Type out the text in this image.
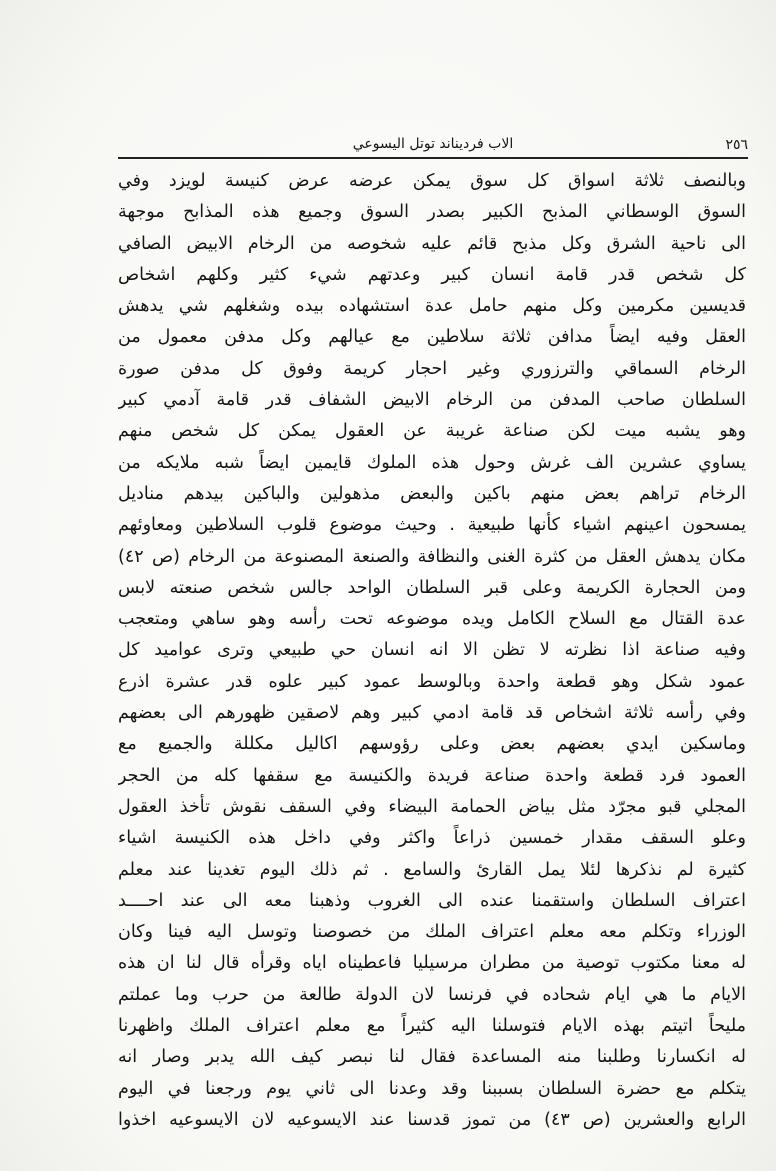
الاب فرديناند توتل اليسوعي	٢٥٦
وبالنصف ثلاثة اسواق كل سوق يمكن عرضه عرض كنيسة لويزد وفي
السوق الوسطاني المذبح الكبير بصدر السوق وجميع هذه المذابح موجهة
الى ناحية الشرق وكل مذبح قائم عليه شخوصه من الرخام الابيض الصافي
كل شخص قدر قامة انسان كبير وعدتهم شيء كثير وكلهم اشخاص
قديسين مكرمين وكل منهم حامل عدة استشهاده بيده وشغلهم شي يدهش
العقل وفيه ايضاً مدافن ثلاثة سلاطين مع عيالهم وكل مدفن معمول من
الرخام السماقي والترزوري وغير احجار كريمة وفوق كل مدفن صورة
السلطان صاحب المدفن من الرخام الابيض الشفاف قدر قامة آدمي كبير
وهو يشبه ميت لكن صناعة غريبة عن العقول يمكن كل شخص منهم
يساوي عشرين الف غرش وحول هذه الملوك قايمين ايضاً شبه ملايكه من
الرخام تراهم بعض منهم باكين والبعض مذهولين والباكين بيدهم مناديل
يمسحون اعينهم اشياء كأنها طبيعية . وحيث موضوع قلوب السلاطين ومعاوئهم
مكان يدهش العقل من كثرة الغنى والنظافة والصنعة المصنوعة من الرخام (ص ٤٢)
ومن الحجارة الكريمة وعلى قبر السلطان الواحد جالس شخص صنعته لابس
عدة القتال مع السلاح الكامل ويده موضوعه تحت رأسه وهو ساهي ومتعجب
وفيه صناعة اذا نظرته لا تظن الا انه انسان حي طبيعي وترى عواميد كل
عمود شكل وهو قطعة واحدة وبالوسط عمود كبير علوه قدر عشرة اذرع
وفي رأسه ثلاثة اشخاص قد قامة ادمي كبير وهم لاصقين ظهورهم الى بعضهم
وماسكين ايدي بعضهم بعض وعلى رؤوسهم اكاليل مكللة والجميع مع
العمود فرد قطعة واحدة صناعة فريدة والكنيسة مع سقفها كله من الحجر
المجلي قبو مجرّد مثل بياض الحمامة البيضاء وفي السقف نقوش تأخذ العقول
وعلو السقف مقدار خمسين ذراعاً واكثر وفي داخل هذه الكنيسة اشياء
كثيرة لم نذكرها لئلا يمل القارئ والسامع . ثم ذلك اليوم تغدينا عند معلم
اعتراف السلطان واستقمنا عنده الى الغروب وذهبنا معه الى عند احــــد
الوزراء وتكلم معه معلم اعتراف الملك من خصوصنا وتوسل اليه فينا وكان
له معنا مكتوب توصية من مطران مرسيليا فاعطيناه اياه وقرأه قال لنا ان هذه
الايام ما هي ايام شحاده في فرنسا لان الدولة طالعة من حرب وما عملتم
مليحاً اتيتم بهذه الايام فتوسلنا اليه كثيراً مع معلم اعتراف الملك واظهرنا
له انكسارنا وطلبنا منه المساعدة فقال لنا نبصر كيف الله يدبر وصار انه
يتكلم مع حضرة السلطان بسببنا وقد وعدنا الى ثاني يوم ورجعنا في اليوم
الرابع والعشرين (ص ٤٣) من تموز قدسنا عند الايسوعيه لان الايسوعيه اخذوا
